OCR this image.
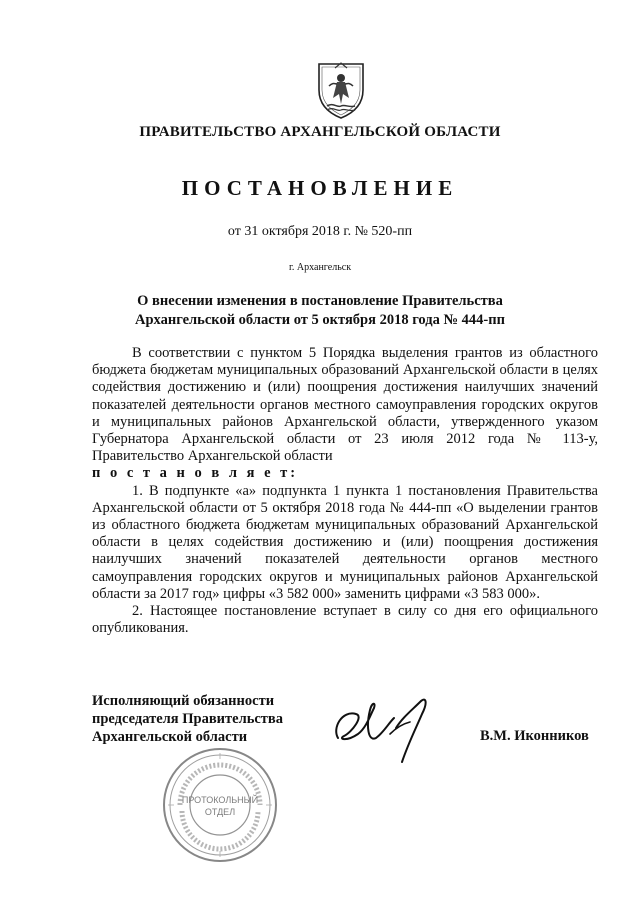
ПРАВИТЕЛЬСТВО АРХАНГЕЛЬСКОЙ ОБЛАСТИ
ПОСТАНОВЛЕНИЕ
от 31 октября 2018 г. № 520-пп
г. Архангельск
О внесении изменения в постановление Правительства
Архангельской области от 5 октября 2018 года № 444-пп

В соответствии с пунктом 5 Порядка выделения грантов из областного бюджета бюджетам муниципальных образований Архангельской области в целях содействия достижению и (или) поощрения достижения наилучших значений показателей деятельности органов местного самоуправления городских округов и муниципальных районов Архангельской области, утвержденного указом Губернатора Архангельской области от 23 июля 2012 года № 113-у, Правительство Архангельской области

п о с т а н о в л я е т:

1. В подпункте «а» подпункта 1 пункта 1 постановления Правительства Архангельской области от 5 октября 2018 года № 444-пп «О выделении грантов из областного бюджета бюджетам муниципальных образований Архангельской области в целях содействия достижению и (или) поощрения достижения наилучших значений показателей деятельности органов местного самоуправления городских округов и муниципальных районов Архангельской области за 2017 год» цифры «3 582 000» заменить цифрами «3 583 000».

2. Настоящее постановление вступает в силу со дня его официального опубликования.

Исполняющий обязанности
председателя Правительства
Архангельской области	В.М. Иконников
ПРОТОКОЛЬНЫЙ
ОТДЕЛ
